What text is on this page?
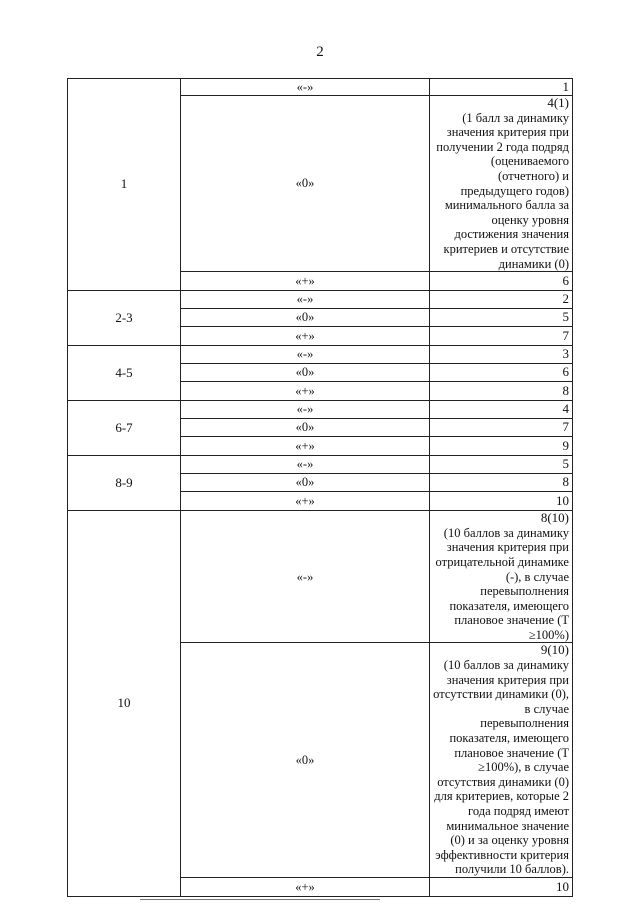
2
1	«-»	1

	«0»	4(1)
(1 балл за динамику значения критерия при получении 2 года подряд (оцениваемого (отчетного) и предыдущего годов) минимального балла за оценку уровня достижения значения критериев и отсутствие динамики (0)

	«+»	6

2-3	«-»	2

	«0»	5

	«+»	7

4-5	«-»	3

	«0»	6

	«+»	8

6-7	«-»	4

	«0»	7

	«+»	9

8-9	«-»	5

	«0»	8

	«+»	10

10	«-»	8(10)
(10 баллов за динамику значения критерия при отрицательной динамике (-), в случае перевыполнения показателя, имеющего плановое значение (T ≥100%)

	«0»	9(10)
(10 баллов за динамику значения критерия при отсутствии динамики (0), в случае перевыполнения показателя, имеющего плановое значение (T ≥100%), в случае отсутствия динамики (0) для критериев, которые 2 года подряд имеют минимальное значение (0) и за оценку уровня эффективности критерия получили 10 баллов).

	«+»	10
